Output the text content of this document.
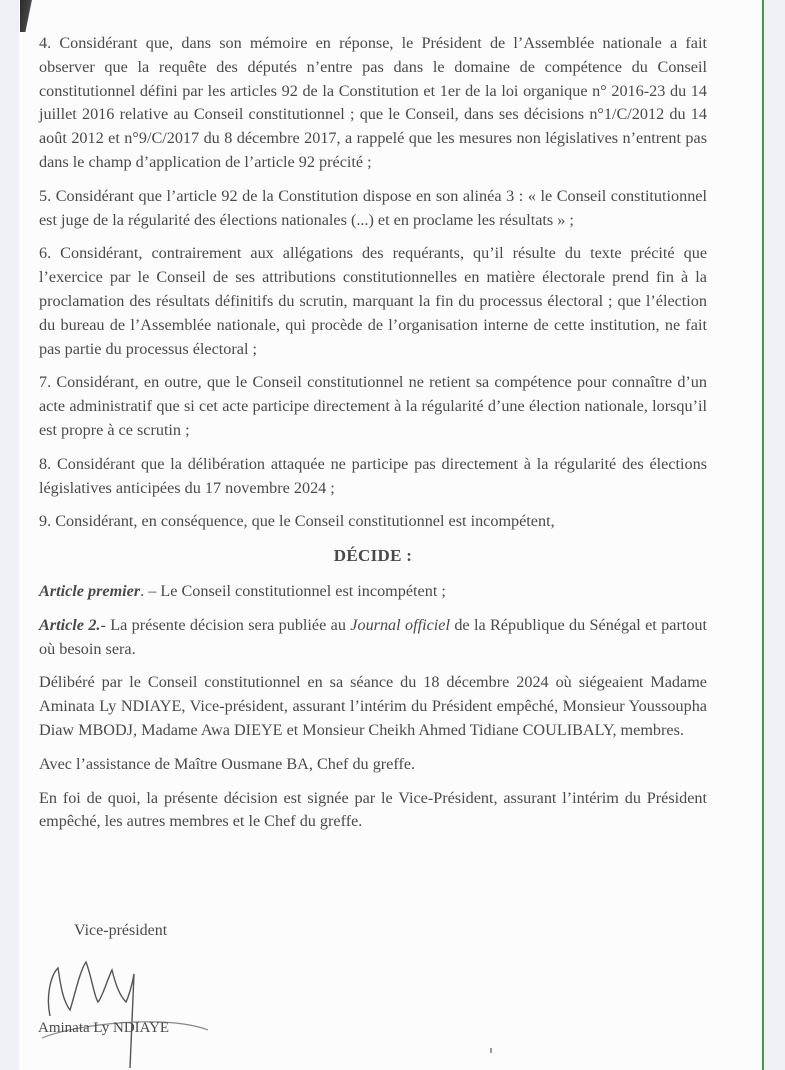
4. Considérant que, dans son mémoire en réponse, le Président de l’Assemblée nationale a fait observer que la requête des députés n’entre pas dans le domaine de compétence du Conseil constitutionnel défini par les articles 92 de la Constitution et 1er de la loi organique n° 2016-23 du 14 juillet 2016 relative au Conseil constitutionnel ; que le Conseil, dans ses décisions n°1/C/2012 du 14 août 2012 et n°9/C/2017 du 8 décembre 2017, a rappelé que les mesures non législatives n’entrent pas dans le champ d’application de l’article 92 précité ;

5. Considérant que l’article 92 de la Constitution dispose en son alinéa 3 : « le Conseil constitutionnel est juge de la régularité des élections nationales (...) et en proclame les résultats » ;

6. Considérant, contrairement aux allégations des requérants, qu’il résulte du texte précité que l’exercice par le Conseil de ses attributions constitutionnelles en matière électorale prend fin à la proclamation des résultats définitifs du scrutin, marquant la fin du processus électoral ; que l’élection du bureau de l’Assemblée nationale, qui procède de l’organisation interne de cette institution, ne fait pas partie du processus électoral ;

7. Considérant, en outre, que le Conseil constitutionnel ne retient sa compétence pour connaître d’un acte administratif que si cet acte participe directement à la régularité d’une élection nationale, lorsqu’il est propre à ce scrutin ;

8. Considérant que la délibération attaquée ne participe pas directement à la régularité des élections législatives anticipées du 17 novembre 2024 ;

9. Considérant, en conséquence, que le Conseil constitutionnel est incompétent,

DÉCIDE :

Article premier. – Le Conseil constitutionnel est incompétent ;

Article 2.- La présente décision sera publiée au Journal officiel de la République du Sénégal et partout où besoin sera.

Délibéré par le Conseil constitutionnel en sa séance du 18 décembre 2024 où siégeaient Madame Aminata Ly NDIAYE, Vice-président, assurant l’intérim du Président empêché, Monsieur Youssoupha Diaw MBODJ, Madame Awa DIEYE et Monsieur Cheikh Ahmed Tidiane COULIBALY, membres.

Avec l’assistance de Maître Ousmane BA, Chef du greffe.

En foi de quoi, la présente décision est signée par le Vice-Président, assurant l’intérim du Président empêché, les autres membres et le Chef du greffe.

Vice-président
Aminata Ly NDIAYE
